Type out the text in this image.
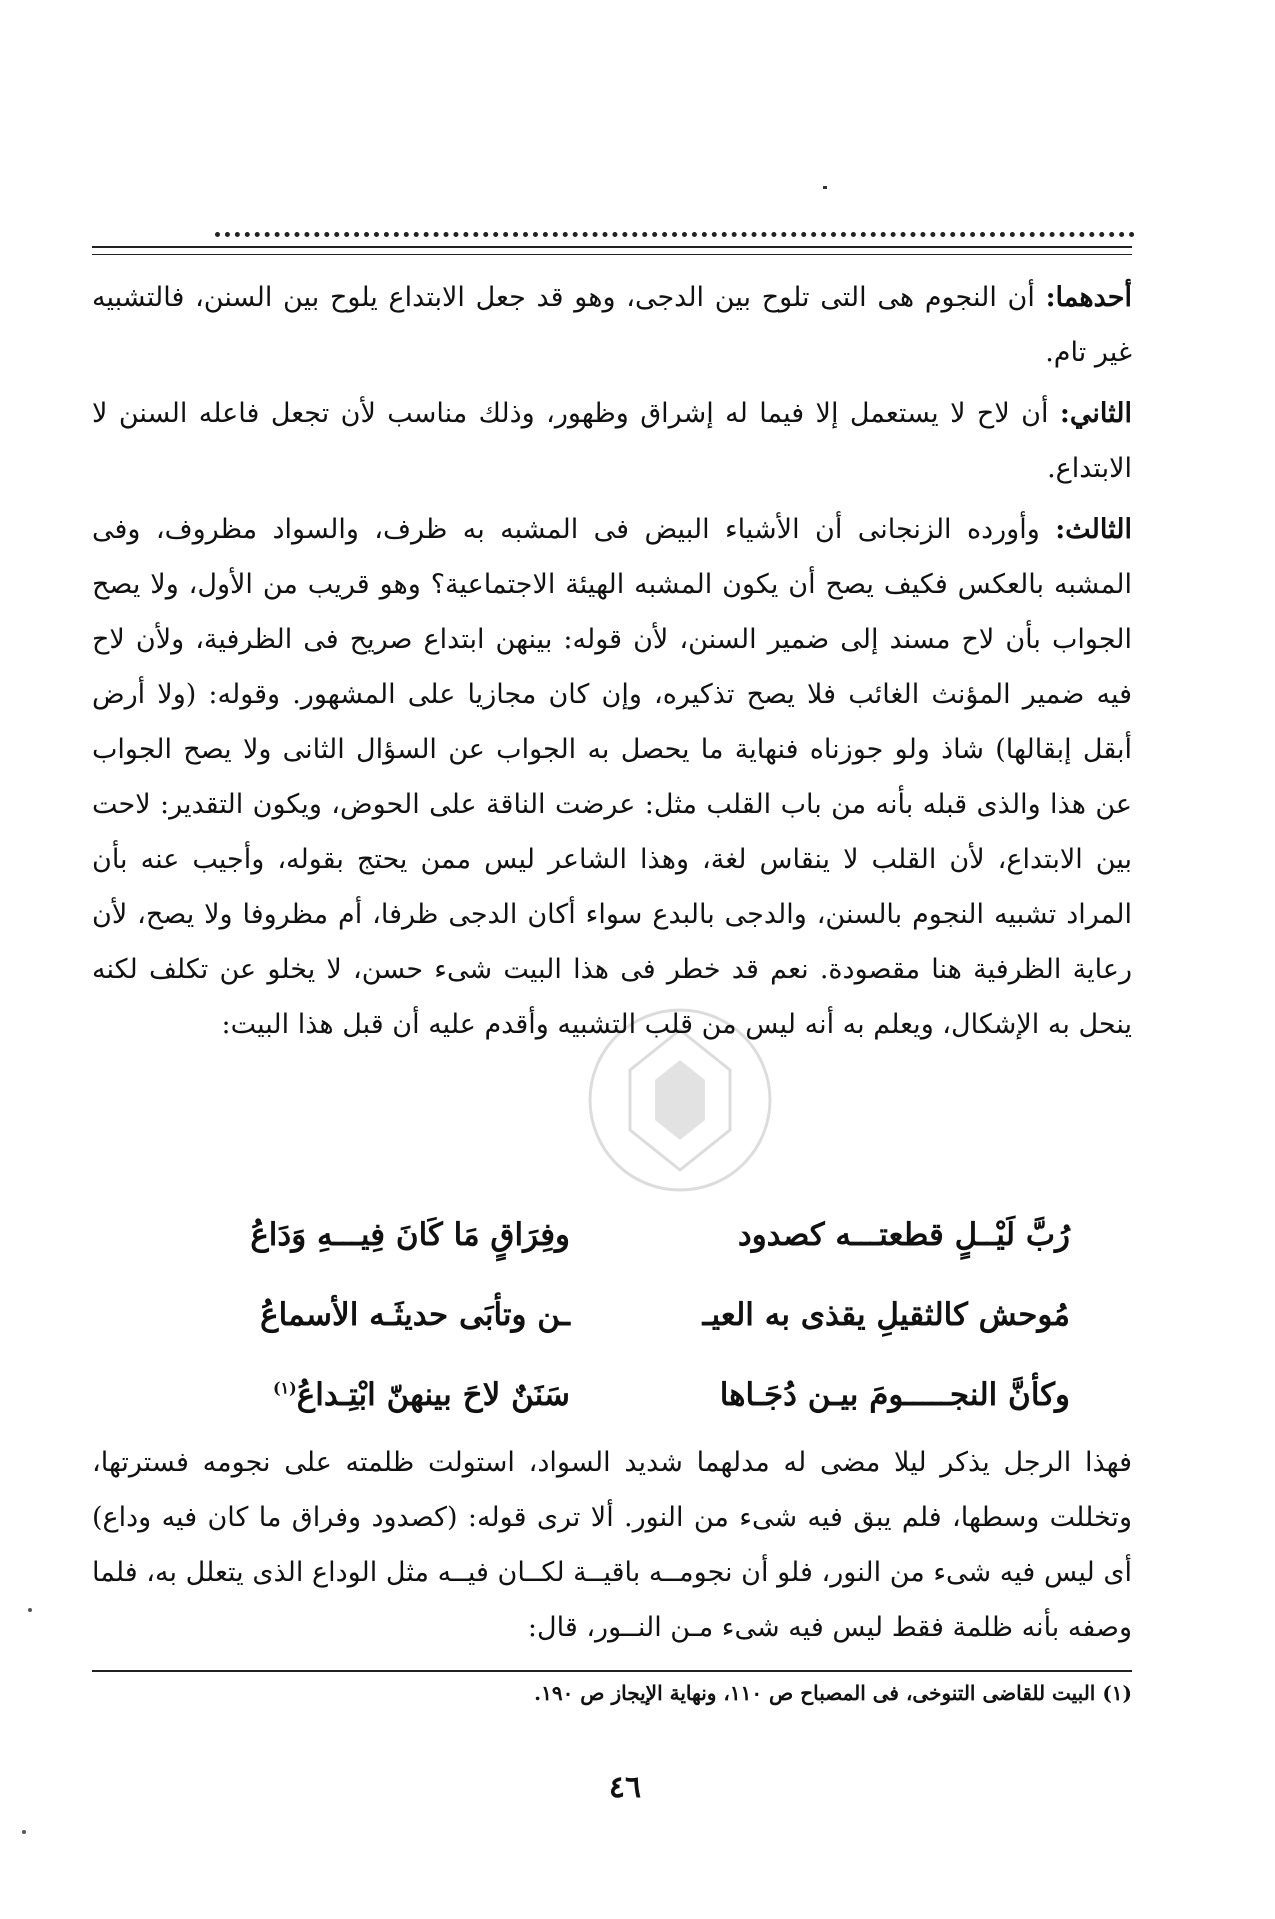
أحدهما: أن النجوم هى التى تلوح بين الدجى، وهو قد جعل الابتداع يلوح بين السنن، فالتشبيه غير تام.

الثاني: أن لاح لا يستعمل إلا فيما له إشراق وظهور، وذلك مناسب لأن تجعل فاعله السنن لا الابتداع.

الثالث: وأورده الزنجانى أن الأشياء البيض فى المشبه به ظرف، والسواد مظروف، وفى المشبه بالعكس فكيف يصح أن يكون المشبه الهيئة الاجتماعية؟ وهو قريب من الأول، ولا يصح الجواب بأن لاح مسند إلى ضمير السنن، لأن قوله: بينهن ابتداع صريح فى الظرفية، ولأن لاح فيه ضمير المؤنث الغائب فلا يصح تذكيره، وإن كان مجازيا على المشهور. وقوله: (ولا أرض أبقل إبقالها) شاذ ولو جوزناه فنهاية ما يحصل به الجواب عن السؤال الثانى ولا يصح الجواب عن هذا والذى قبله بأنه من باب القلب مثل: عرضت الناقة على الحوض، ويكون التقدير: لاحت بين الابتداع، لأن القلب لا ينقاس لغة، وهذا الشاعر ليس ممن يحتج بقوله، وأجيب عنه بأن المراد تشبيه النجوم بالسنن، والدجى بالبدع سواء أكان الدجى ظرفا، أم مظروفا ولا يصح، لأن رعاية الظرفية هنا مقصودة. نعم قد خطر فى هذا البيت شىء حسن، لا يخلو عن تكلف لكنه ينحل به الإشكال، ويعلم به أنه ليس من قلب التشبيه وأقدم عليه أن قبل هذا البيت:

رُبَّ لَيْــلٍ قطعتـــه كصدود
وفِرَاقٍ مَا كَانَ فِيـــهِ وَدَاعُ
مُوحش كالثقيلِ يقذى به العيـ
ـن وتأبَى حديثَـه الأسماعُ
وكأنَّ النجـــــومَ بيـن دُجَـاها
سَنَنٌ لاحَ بينهنّ ابْتِـداعُ$^{(١)}$
فهذا الرجل يذكر ليلا مضى له مدلهما شديد السواد، استولت ظلمته على نجومه فسترتها، وتخللت وسطها، فلم يبق فيه شىء من النور. ألا ترى قوله: (كصدود وفراق ما كان فيه وداع) أى ليس فيه شىء من النور، فلو أن نجومــه باقيــة لكــان فيــه مثل الوداع الذى يتعلل به، فلما وصفه بأنه ظلمة فقط ليس فيه شىء مـن النــور، قال:
(١) البيت للقاضى التنوخى، فى المصباح ص ١١٠، ونهاية الإيجاز ص ١٩٠.
٤٦
